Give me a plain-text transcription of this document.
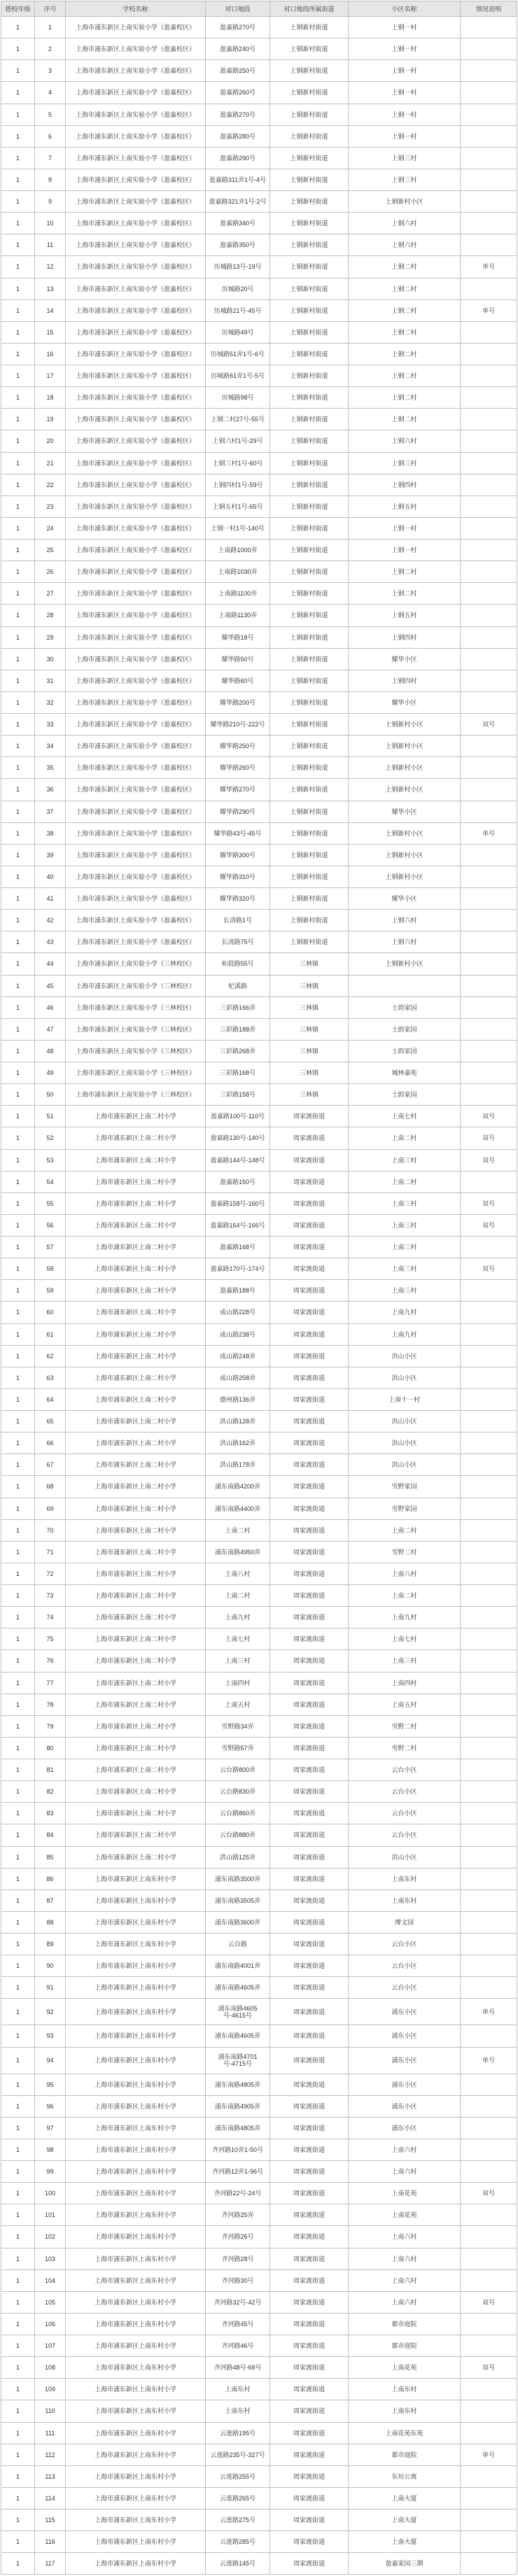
搭校年级	序号	学校名称	对口地段	对口地段所属街道	小区名称	情况说明
1	1	上海市浦东新区上南实验小学（盈嘉校区）	盈嘉路270号	上钢新村街道	上钢一村	
1	2	上海市浦东新区上南实验小学（盈嘉校区）	盈嘉路240号	上钢新村街道	上钢一村	
1	3	上海市浦东新区上南实验小学（盈嘉校区）	盈嘉路250号	上钢新村街道	上钢一村	
1	4	上海市浦东新区上南实验小学（盈嘉校区）	盈嘉路260号	上钢新村街道	上钢一村	
1	5	上海市浦东新区上南实验小学（盈嘉校区）	盈嘉路270号	上钢新村街道	上钢一村	
1	6	上海市浦东新区上南实验小学（盈嘉校区）	盈嘉路280号	上钢新村街道	上钢一村	
1	7	上海市浦东新区上南实验小学（盈嘉校区）	盈嘉路290号	上钢新村街道	上钢三村	
1	8	上海市浦东新区上南实验小学（盈嘉校区）	盈嘉路311弄1号-4号	上钢新村街道	上钢三村	
1	9	上海市浦东新区上南实验小学（盈嘉校区）	盈嘉路321弄1号-2号	上钢新村街道	上钢新村小区	
1	10	上海市浦东新区上南实验小学（盈嘉校区）	盈嘉路340号	上钢新村街道	上钢六村	
1	11	上海市浦东新区上南实验小学（盈嘉校区）	盈嘉路350号	上钢新村街道	上钢六村	
1	12	上海市浦东新区上南实验小学（盈嘉校区）	历城路13号-19号	上钢新村街道	上钢二村	单号
1	13	上海市浦东新区上南实验小学（盈嘉校区）	历城路20号	上钢新村街道	上钢二村	
1	14	上海市浦东新区上南实验小学（盈嘉校区）	历城路21号-45号	上钢新村街道	上钢二村	单号
1	15	上海市浦东新区上南实验小学（盈嘉校区）	历城路49号	上钢新村街道	上钢二村	
1	16	上海市浦东新区上南实验小学（盈嘉校区）	历城路51弄1号-6号	上钢新村街道	上钢二村	
1	17	上海市浦东新区上南实验小学（盈嘉校区）	历城路61弄1号-5号	上钢新村街道	上钢二村	
1	18	上海市浦东新区上南实验小学（盈嘉校区）	历城路98号	上钢新村街道	上钢二村	
1	19	上海市浦东新区上南实验小学（盈嘉校区）	上钢二村27号-55号	上钢新村街道	上钢二村	
1	20	上海市浦东新区上南实验小学（盈嘉校区）	上钢六村1号-29号	上钢新村街道	上钢六村	
1	21	上海市浦东新区上南实验小学（盈嘉校区）	上钢三村1号-60号	上钢新村街道	上钢三村	
1	22	上海市浦东新区上南实验小学（盈嘉校区）	上钢四村1号-59号	上钢新村街道	上钢四村	
1	23	上海市浦东新区上南实验小学（盈嘉校区）	上钢五村1号-65号	上钢新村街道	上钢五村	
1	24	上海市浦东新区上南实验小学（盈嘉校区）	上钢一村1号-140号	上钢新村街道	上钢一村	
1	25	上海市浦东新区上南实验小学（盈嘉校区）	上南路1000弄	上钢新村街道	上钢一村	
1	26	上海市浦东新区上南实验小学（盈嘉校区）	上南路1030弄	上钢新村街道	上钢二村	
1	27	上海市浦东新区上南实验小学（盈嘉校区）	上南路1100弄	上钢新村街道	上钢二村	
1	28	上海市浦东新区上南实验小学（盈嘉校区）	上南路1130弄	上钢新村街道	上钢五村	
1	29	上海市浦东新区上南实验小学（盈嘉校区）	耀华路18号	上钢新村街道	上钢四村	
1	30	上海市浦东新区上南实验小学（盈嘉校区）	耀华路50号	上钢新村街道	耀华小区	
1	31	上海市浦东新区上南实验小学（盈嘉校区）	耀华路60号	上钢新村街道	上钢四村	
1	32	上海市浦东新区上南实验小学（盈嘉校区）	耀华路200号	上钢新村街道	耀华小区	
1	33	上海市浦东新区上南实验小学（盈嘉校区）	耀华路210号-222号	上钢新村街道	上钢新村小区	双号
1	34	上海市浦东新区上南实验小学（盈嘉校区）	耀华路250号	上钢新村街道	上钢新村小区	
1	35	上海市浦东新区上南实验小学（盈嘉校区）	耀华路260号	上钢新村街道	上钢新村小区	
1	36	上海市浦东新区上南实验小学（盈嘉校区）	耀华路270号	上钢新村街道	上钢新村小区	
1	37	上海市浦东新区上南实验小学（盈嘉校区）	耀华路290号	上钢新村街道	耀华小区	
1	38	上海市浦东新区上南实验小学（盈嘉校区）	耀华路43号-45号	上钢新村街道	上钢新村小区	单号
1	39	上海市浦东新区上南实验小学（盈嘉校区）	耀华路300号	上钢新村街道	上钢新村小区	
1	40	上海市浦东新区上南实验小学（盈嘉校区）	耀华路310号	上钢新村街道	上钢新村小区	
1	41	上海市浦东新区上南实验小学（盈嘉校区）	耀华路320号	上钢新村街道	耀华小区	
1	42	上海市浦东新区上南实验小学（盈嘉校区）	长清路1号	上钢新村街道	上钢六村	
1	43	上海市浦东新区上南实验小学（盈嘉校区）	长清路75号	上钢新村街道	上钢六村	
1	44	上海市浦东新区上南实验小学（三林校区）	和晨路55号	三林镇	上钢新村小区	
1	45	上海市浦东新区上南实验小学（三林校区）	杞溪路	三林镇		
1	46	上海市浦东新区上南实验小学（三林校区）	三彩路166弄	三林镇	士韵家园	
1	47	上海市浦东新区上南实验小学（三林校区）	三彩路188弄	三林镇	士韵家园	
1	48	上海市浦东新区上南实验小学（三林校区）	三彩路268弄	三林镇	士韵家园	
1	49	上海市浦东新区上南实验小学（三林校区）	三彩路168号	三林镇	城林嘉苑	
1	50	上海市浦东新区上南实验小学（三林校区）	三彩路158号	三林镇	士韵家园	
1	51	上海市浦东新区上南二村小学	盈嘉路100号-110号	周家渡街道	上南七村	双号
1	52	上海市浦东新区上南二村小学	盈嘉路130号-140号	周家渡街道	上南二村	双号
1	53	上海市浦东新区上南二村小学	盈嘉路144号-148号	周家渡街道	上南三村	双号
1	54	上海市浦东新区上南二村小学	盈嘉路150号	周家渡街道	上南二村	
1	55	上海市浦东新区上南二村小学	盈嘉路158号-160号	周家渡街道	上南三村	双号
1	56	上海市浦东新区上南二村小学	盈嘉路164号-166号	周家渡街道	上南三村	双号
1	57	上海市浦东新区上南二村小学	盈嘉路168号	周家渡街道	上南三村	
1	58	上海市浦东新区上南二村小学	盈嘉路170号-174号	周家渡街道	上南三村	双号
1	59	上海市浦东新区上南二村小学	盈嘉路188号	周家渡街道	上南三村	
1	60	上海市浦东新区上南二村小学	成山路228号	周家渡街道	上南九村	
1	61	上海市浦东新区上南二村小学	成山路238号	周家渡街道	上南九村	
1	62	上海市浦东新区上南二村小学	成山路248弄	周家渡街道	洪山小区	
1	63	上海市浦东新区上南二村小学	成山路258弄	周家渡街道	洪山小区	
1	64	上海市浦东新区上南二村小学	德州路136弄	周家渡街道	上南十一村	
1	65	上海市浦东新区上南二村小学	洪山路128弄	周家渡街道	洪山小区	
1	66	上海市浦东新区上南二村小学	洪山路162弄	周家渡街道	洪山小区	
1	67	上海市浦东新区上南二村小学	洪山路178弄	周家渡街道	洪山小区	
1	68	上海市浦东新区上南二村小学	浦东南路4200弄	周家渡街道	雪野家园	
1	69	上海市浦东新区上南二村小学	浦东南路4400弄	周家渡街道	雪野家园	
1	70	上海市浦东新区上南二村小学	上南二村	周家渡街道	上南二村	
1	71	上海市浦东新区上南二村小学	浦东南路4950弄	周家渡街道	雪野二村	
1	72	上海市浦东新区上南二村小学	上南八村	周家渡街道	上南八村	
1	73	上海市浦东新区上南二村小学	上南二村	周家渡街道	上南二村	
1	74	上海市浦东新区上南二村小学	上南九村	周家渡街道	上南九村	
1	75	上海市浦东新区上南二村小学	上南七村	周家渡街道	上南七村	
1	76	上海市浦东新区上南二村小学	上南三村	周家渡街道	上南三村	
1	77	上海市浦东新区上南二村小学	上南四村	周家渡街道	上南四村	
1	78	上海市浦东新区上南二村小学	上南五村	周家渡街道	上南五村	
1	79	上海市浦东新区上南二村小学	雪野路34弄	周家渡街道	雪野二村	
1	80	上海市浦东新区上南二村小学	雪野路57弄	周家渡街道	雪野二村	
1	81	上海市浦东新区上南二村小学	云台路800弄	周家渡街道	云台小区	
1	82	上海市浦东新区上南二村小学	云台路830弄	周家渡街道	云台小区	
1	83	上海市浦东新区上南二村小学	云台路860弄	周家渡街道	云台小区	
1	84	上海市浦东新区上南二村小学	云台路880弄	周家渡街道	云台小区	
1	85	上海市浦东新区上南二村小学	洪山路125弄	周家渡街道	洪山小区	
1	86	上海市浦东新区上南东村小学	浦东南路3500弄	周家渡街道	上南东村	
1	87	上海市浦东新区上南东村小学	浦东南路3505弄	周家渡街道	上南东村	
1	88	上海市浦东新区上南东村小学	浦东南路3600弄	周家渡街道	博文园	
1	89	上海市浦东新区上南东村小学	云台路	周家渡街道	云台小区	
1	90	上海市浦东新区上南东村小学	浦东南路4001弄	周家渡街道	云台小区	
1	91	上海市浦东新区上南东村小学	浦东南路4605弄	周家渡街道	云台小区	
1	92	上海市浦东新区上南东村小学	浦东南路4605号-4615号	周家渡街道	浦东小区	单号
1	93	上海市浦东新区上南东村小学	浦东南路4605弄	周家渡街道	浦东小区	
1	94	上海市浦东新区上南东村小学	浦东南路4701号-4715号	周家渡街道	浦东小区	单号
1	95	上海市浦东新区上南东村小学	浦东南路4805弄	周家渡街道	浦东小区	
1	96	上海市浦东新区上南东村小学	浦东南路4905弄	周家渡街道	浦东小区	
1	97	上海市浦东新区上南东村小学	浦东南路4805弄	周家渡街道	浦东小区	
1	98	上海市浦东新区上南东村小学	齐河路10弄1-50号	周家渡街道	上南六村	
1	99	上海市浦东新区上南东村小学	齐河路12弄1-96号	周家渡街道	上南六村	
1	100	上海市浦东新区上南东村小学	齐河路22号-24号	周家渡街道	上南花苑	双号
1	101	上海市浦东新区上南东村小学	齐河路25弄	周家渡街道	上南花苑	
1	102	上海市浦东新区上南东村小学	齐河路26号	周家渡街道	上南六村	
1	103	上海市浦东新区上南东村小学	齐河路28号	周家渡街道	上南六村	
1	104	上海市浦东新区上南东村小学	齐河路30号	周家渡街道	上南六村	
1	105	上海市浦东新区上南东村小学	齐河路32号-42号	周家渡街道	上南六村	双号
1	106	上海市浦东新区上南东村小学	齐河路45号	周家渡街道	都市庭院	
1	107	上海市浦东新区上南东村小学	齐河路46号	周家渡街道	都市庭院	
1	108	上海市浦东新区上南东村小学	齐河路48号-68号	周家渡街道	上南花苑	双号
1	109	上海市浦东新区上南东村小学	上南东村	周家渡街道	上南东村	
1	110	上海市浦东新区上南东村小学	上南东村	周家渡街道	上南东村	
1	111	上海市浦东新区上南东村小学	云莲路195号	周家渡街道	上南花苑东苑	
1	112	上海市浦东新区上南东村小学	云莲路235号-327号	周家渡街道	都市庭院	单号
1	113	上海市浦东新区上南东村小学	云莲路255号	周家渡街道	东坊公寓	
1	114	上海市浦东新区上南东村小学	云莲路265号	周家渡街道	上南大厦	
1	115	上海市浦东新区上南东村小学	云莲路275号	周家渡街道	上南大厦	
1	116	上海市浦东新区上南东村小学	云莲路285号	周家渡街道	上南大厦	
1	117	上海市浦东新区上南东村小学	云莲路145号	周家渡街道	盈嘉家园三期	
